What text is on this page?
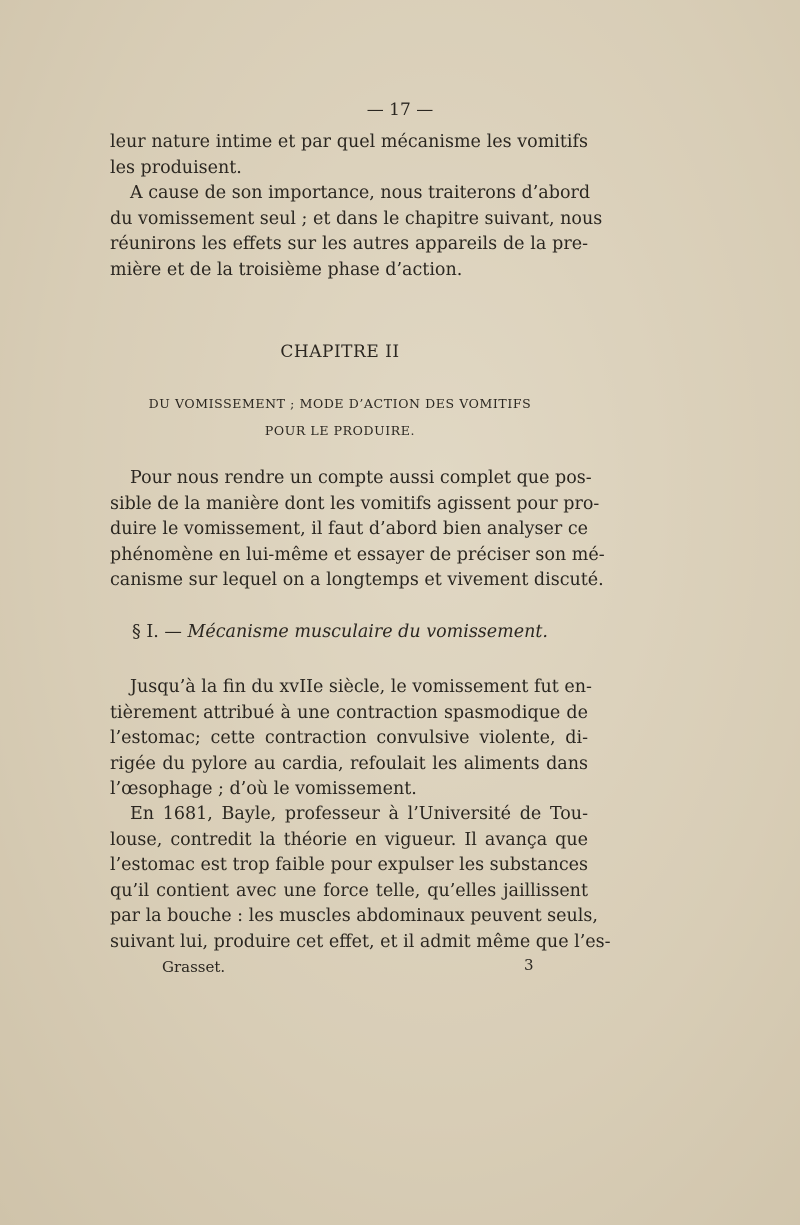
— 17 —
leur nature intime et par quel mécanisme les vomitifs
les produisent.
A cause de son importance, nous traiterons d’abord
du vomissement seul ; et dans le chapitre suivant, nous
réunirons les effets sur les autres appareils de la pre-
mière et de la troisième phase d’action.
CHAPITRE II
DU VOMISSEMENT ; MODE D’ACTION DES VOMITIFS
POUR LE PRODUIRE.
Pour nous rendre un compte aussi complet que pos-
sible de la manière dont les vomitifs agissent pour pro-
duire le vomissement, il faut d’abord bien analyser ce
phénomène en lui-même et essayer de préciser son mé-
canisme sur lequel on a longtemps et vivement discuté.
§ I. — Mécanisme musculaire du vomissement.
Jusqu’à la fin du xvIIe siècle, le vomissement fut en-
tièrement attribué à une contraction spasmodique de
l’estomac; cette contraction convulsive violente, di-
rigée du pylore au cardia, refoulait les aliments dans
l’œsophage ; d’où le vomissement.
En 1681, Bayle, professeur à l’Université de Tou-
louse, contredit la théorie en vigueur. Il avança que
l’estomac est trop faible pour expulser les substances
qu’il contient avec une force telle, qu’elles jaillissent
par la bouche : les muscles abdominaux peuvent seuls,
suivant lui, produire cet effet, et il admit même que l’es-
Grasset.	3
